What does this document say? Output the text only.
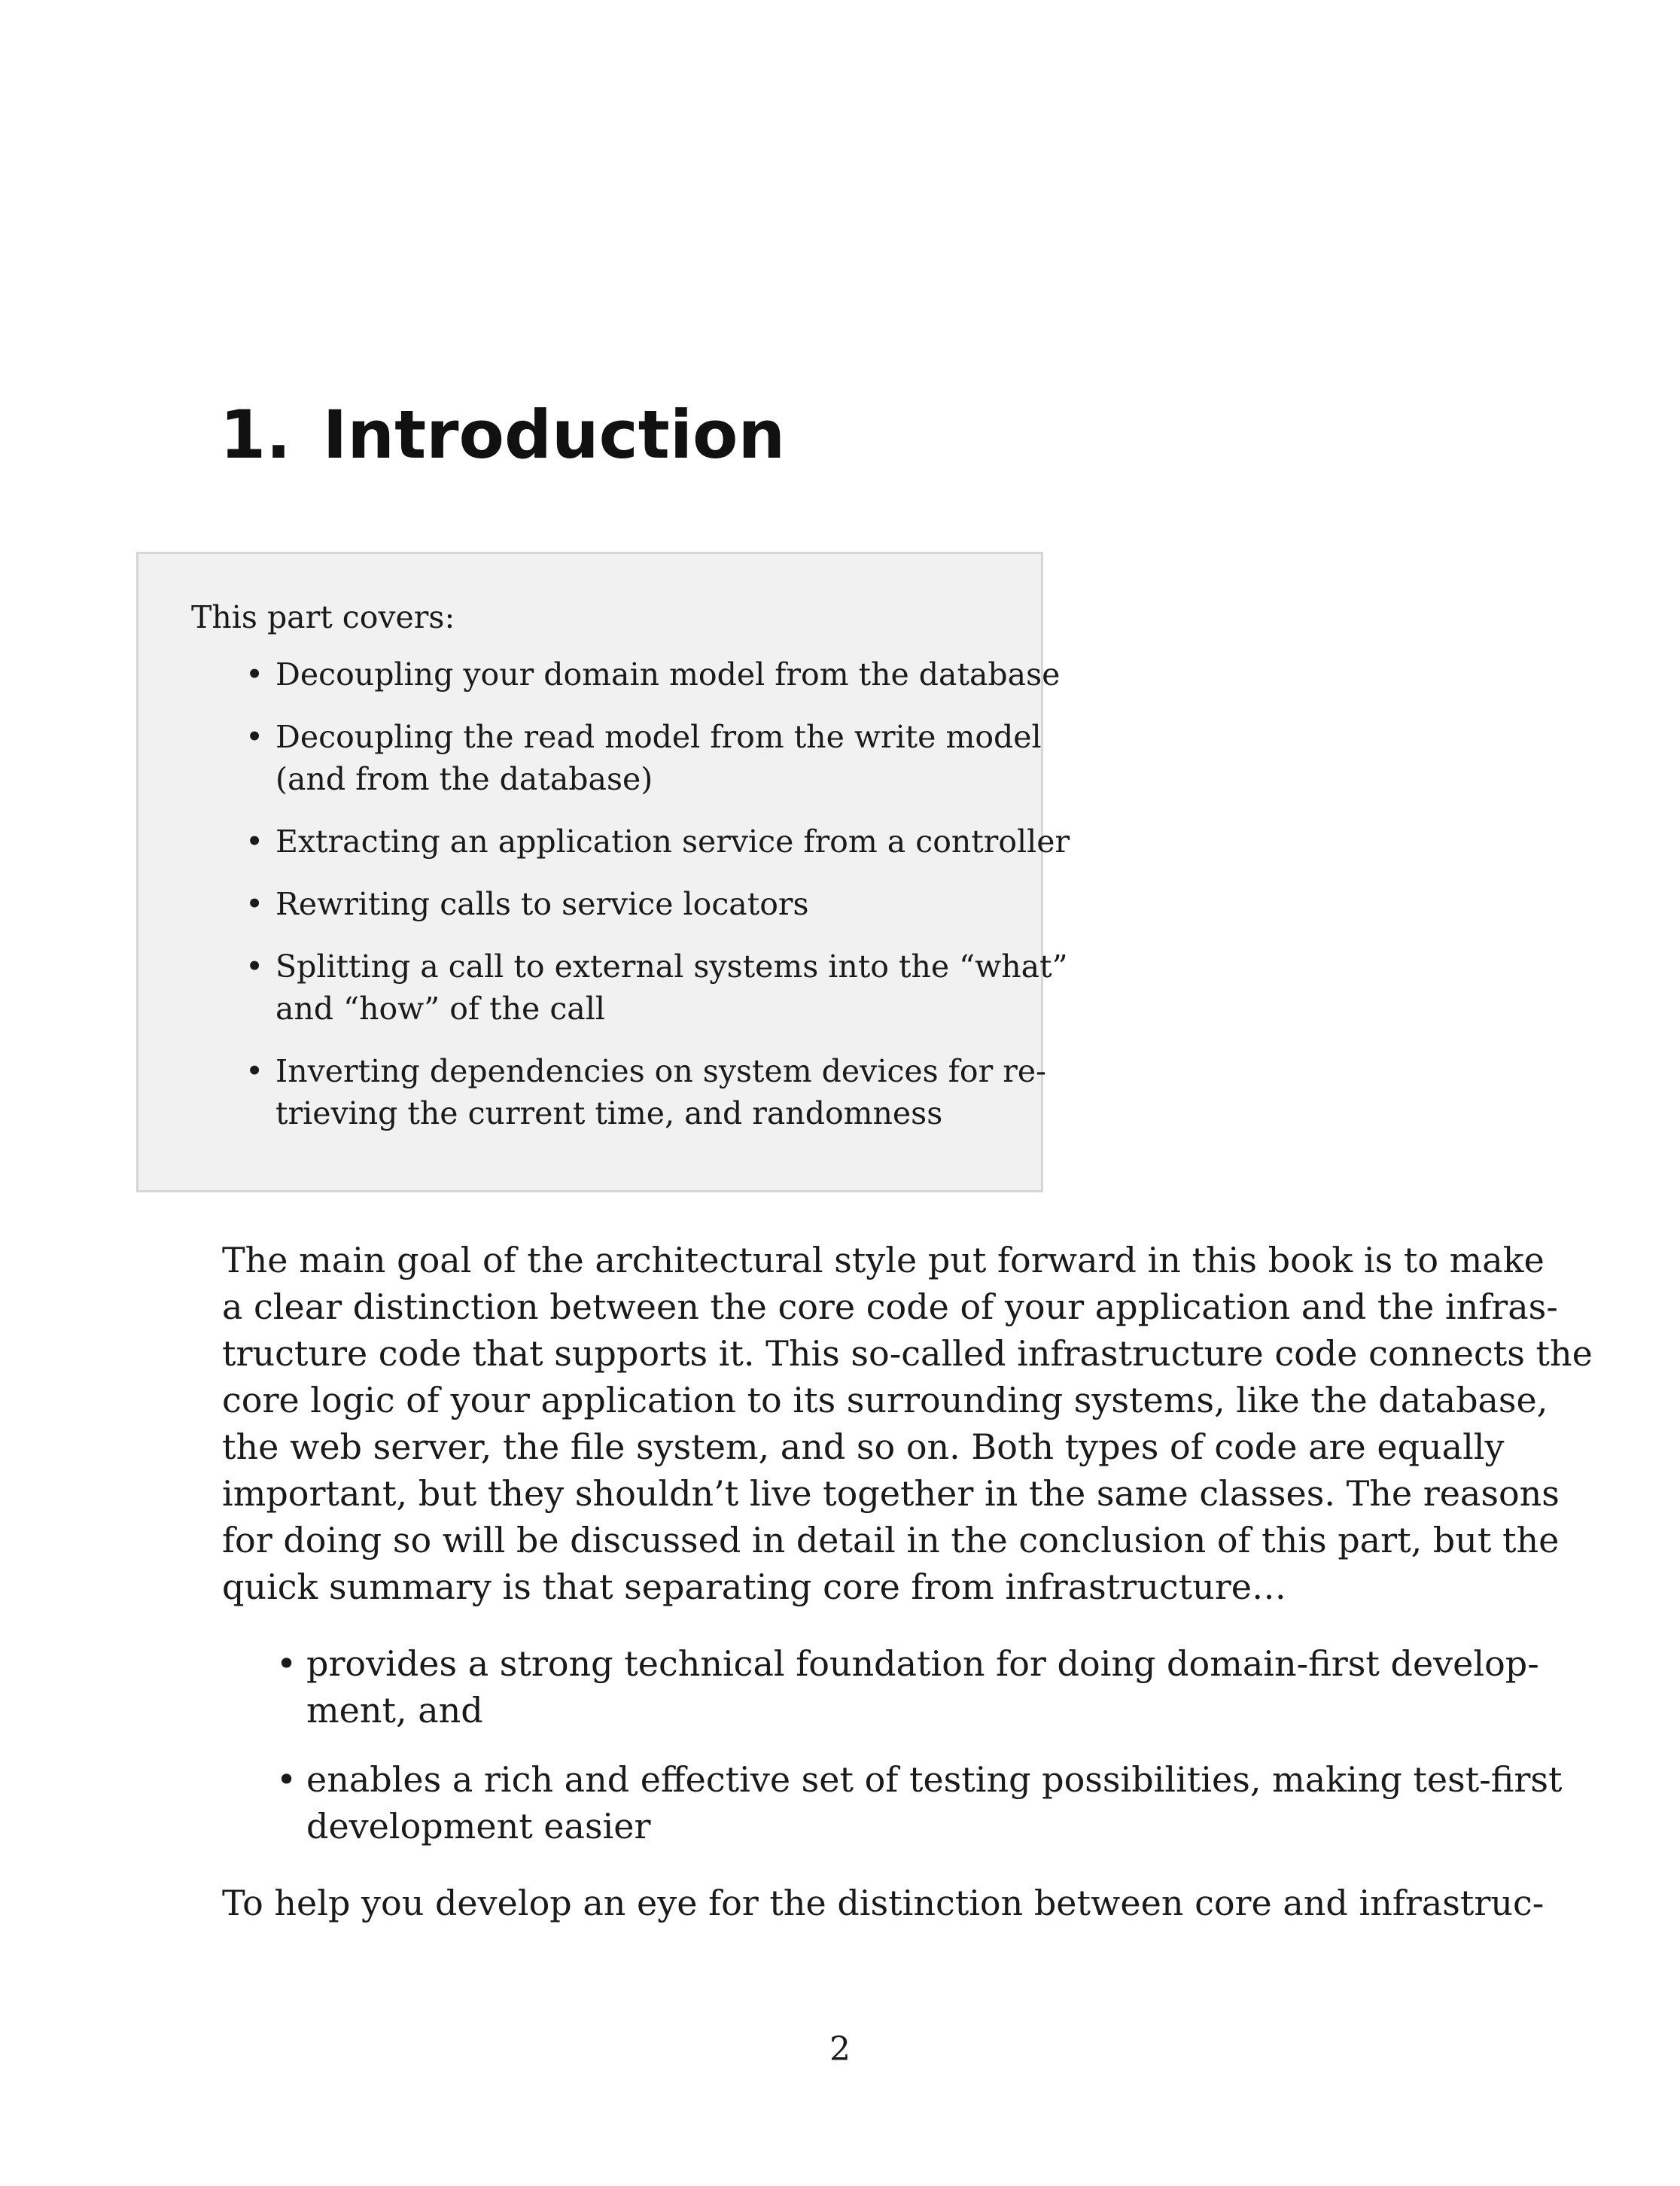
1. Introduction

This part covers:

• Decoupling your domain model from the database
• Decoupling the read model from the write model
(and from the database)
• Extracting an application service from a controller
• Rewriting calls to service locators
• Splitting a call to external systems into the “what”
and “how” of the call
• Inverting dependencies on system devices for re-
trieving the current time, and randomness
The main goal of the architectural style put forward in this book is to make
a clear distinction between the core code of your application and the infras-
tructure code that supports it. This so-called infrastructure code connects the
core logic of your application to its surrounding systems, like the database,
the web server, the file system, and so on. Both types of code are equally
important, but they shouldn’t live together in the same classes. The reasons
for doing so will be discussed in detail in the conclusion of this part, but the
quick summary is that separating core from infrastructure…
• provides a strong technical foundation for doing domain-first develop-
ment, and
• enables a rich and effective set of testing possibilities, making test-first
development easier
To help you develop an eye for the distinction between core and infrastruc-
2
